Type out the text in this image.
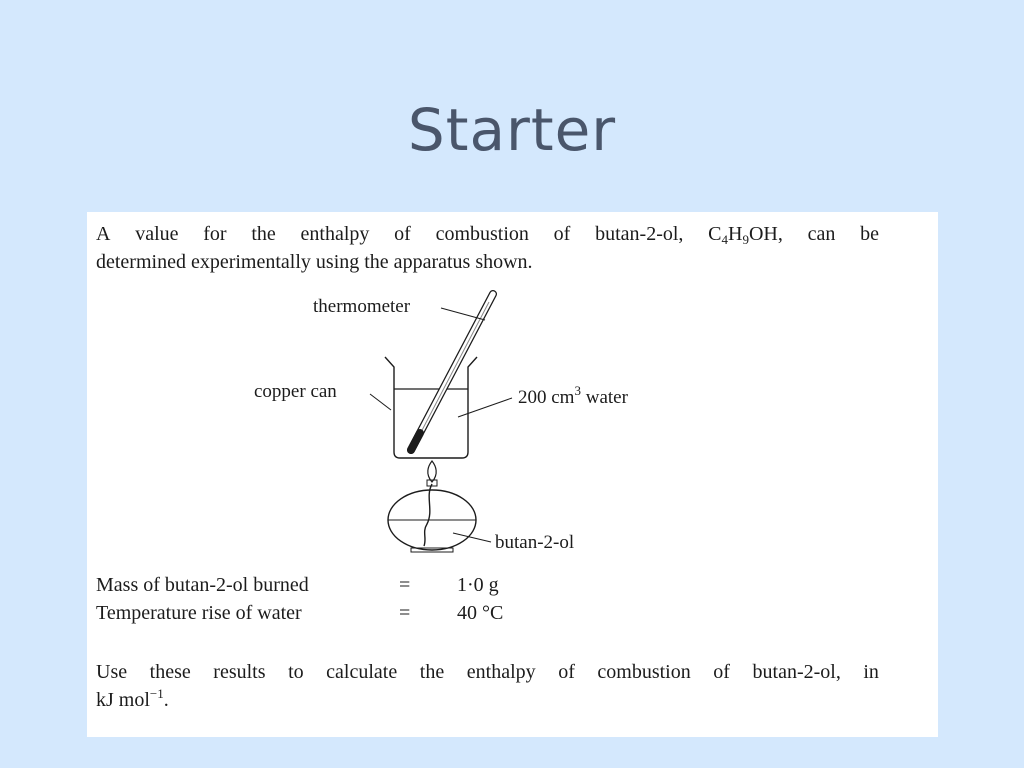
Starter
A value for the enthalpy of combustion of butan-2-ol, $C_4H_9OH$, can be
determined experimentally using the apparatus shown.
thermometer
copper can	200 $cm^3$ water
butan-2-ol
Mass of butan-2-ol burned	= 1·0 g
Temperature rise of water	= 40 °C
Use these results to calculate the enthalpy of combustion of butan-2-ol, in
kJ mol$^{-1}$.
